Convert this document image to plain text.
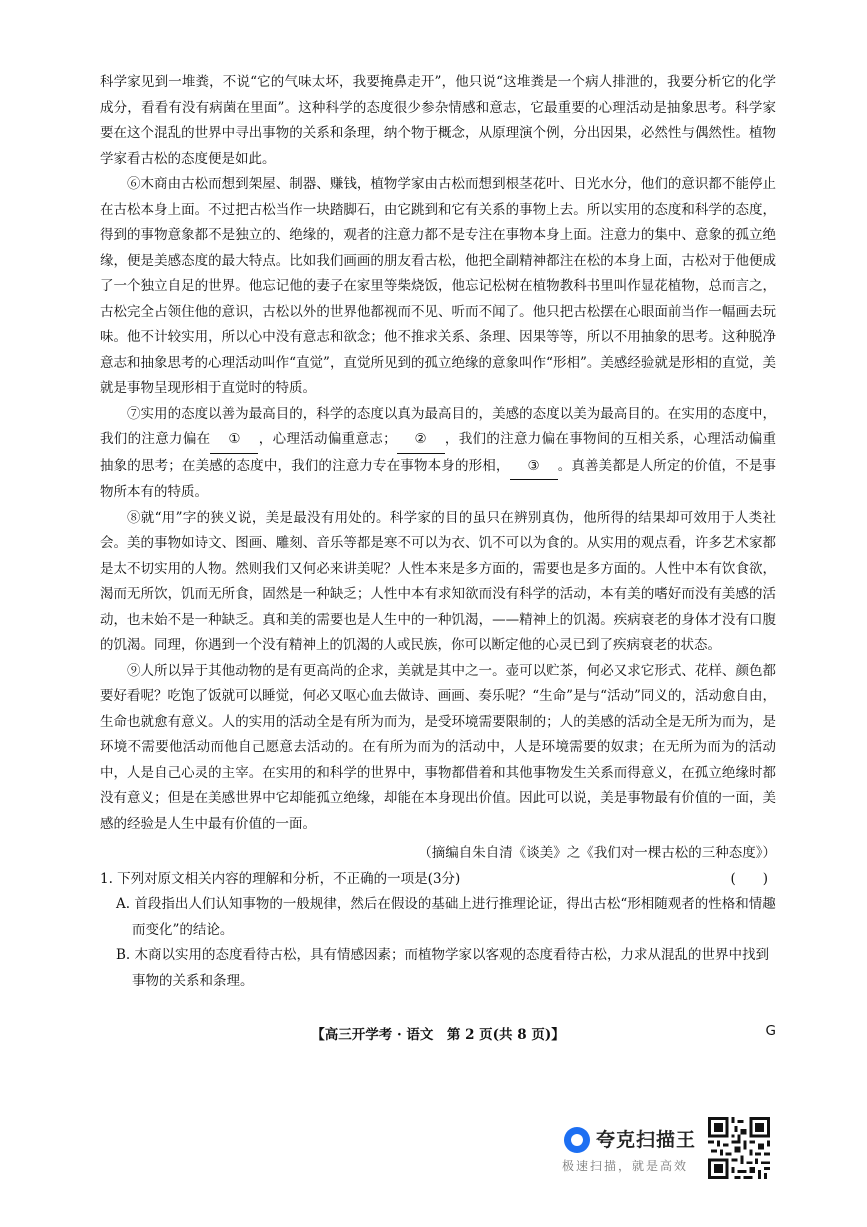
科学家见到一堆粪，不说“它的气味太坏，我要掩鼻走开”，他只说“这堆粪是一个病人排泄的，我要分析它的化学成分，看看有没有病菌在里面”。这种科学的态度很少参杂情感和意志，它最重要的心理活动是抽象思考。科学家要在这个混乱的世界中寻出事物的关系和条理，纳个物于概念，从原理演个例，分出因果，必然性与偶然性。植物学家看古松的态度便是如此。

⑥木商由古松而想到架屋、制器、赚钱，植物学家由古松而想到根茎花叶、日光水分，他们的意识都不能停止在古松本身上面。不过把古松当作一块踏脚石，由它跳到和它有关系的事物上去。所以实用的态度和科学的态度，得到的事物意象都不是独立的、绝缘的，观者的注意力都不是专注在事物本身上面。注意力的集中、意象的孤立绝缘，便是美感态度的最大特点。比如我们画画的朋友看古松，他把全副精神都注在松的本身上面，古松对于他便成了一个独立自足的世界。他忘记他的妻子在家里等柴烧饭，他忘记松树在植物教科书里叫作显花植物，总而言之，古松完全占领住他的意识，古松以外的世界他都视而不见、听而不闻了。他只把古松摆在心眼面前当作一幅画去玩味。他不计较实用，所以心中没有意志和欲念；他不推求关系、条理、因果等等，所以不用抽象的思考。这种脱净意志和抽象思考的心理活动叫作“直觉”，直觉所见到的孤立绝缘的意象叫作“形相”。美感经验就是形相的直觉，美就是事物呈现形相于直觉时的特质。

⑦实用的态度以善为最高目的，科学的态度以真为最高目的，美感的态度以美为最高目的。在实用的态度中，我们的注意力偏在 ① ，心理活动偏重意志； ② ，我们的注意力偏在事物间的互相关系，心理活动偏重抽象的思考；在美感的态度中，我们的注意力专在事物本身的形相， ③ 。真善美都是人所定的价值，不是事物所本有的特质。

⑧就“用”字的狭义说，美是最没有用处的。科学家的目的虽只在辨别真伪，他所得的结果却可效用于人类社会。美的事物如诗文、图画、雕刻、音乐等都是寒不可以为衣、饥不可以为食的。从实用的观点看，许多艺术家都是太不切实用的人物。然则我们又何必来讲美呢？人性本来是多方面的，需要也是多方面的。人性中本有饮食欲，渴而无所饮，饥而无所食，固然是一种缺乏；人性中本有求知欲而没有科学的活动，本有美的嗜好而没有美感的活动，也未始不是一种缺乏。真和美的需要也是人生中的一种饥渴，——精神上的饥渴。疾病衰老的身体才没有口腹的饥渴。同理，你遇到一个没有精神上的饥渴的人或民族，你可以断定他的心灵已到了疾病衰老的状态。

⑨人所以异于其他动物的是有更高尚的企求，美就是其中之一。壶可以贮茶，何必又求它形式、花样、颜色都要好看呢？吃饱了饭就可以睡觉，何必又呕心血去做诗、画画、奏乐呢？“生命”是与“活动”同义的，活动愈自由，生命也就愈有意义。人的实用的活动全是有所为而为，是受环境需要限制的；人的美感的活动全是无所为而为，是环境不需要他活动而他自己愿意去活动的。在有所为而为的活动中，人是环境需要的奴隶；在无所为而为的活动中，人是自己心灵的主宰。在实用的和科学的世界中，事物都借着和其他事物发生关系而得意义，在孤立绝缘时都没有意义；但是在美感世界中它却能孤立绝缘，却能在本身现出价值。因此可以说，美是事物最有价值的一面，美感的经验是人生中最有价值的一面。

（摘编自朱自清《谈美》之《我们对一棵古松的三种态度》）
1. 下列对原文相关内容的理解和分析，不正确的一项是(3分)	(　　)
A. 首段指出人们认知事物的一般规律，然后在假设的基础上进行推理论证，得出古松“形相随观者的性格和情趣而变化”的结论。
B. 木商以实用的态度看待古松，具有情感因素；而植物学家以客观的态度看待古松，力求从混乱的世界中找到事物的关系和条理。
【高三开学考 · 语文　第 2 页(共 8 页)】	G
夸克扫描王
极速扫描，就是高效
